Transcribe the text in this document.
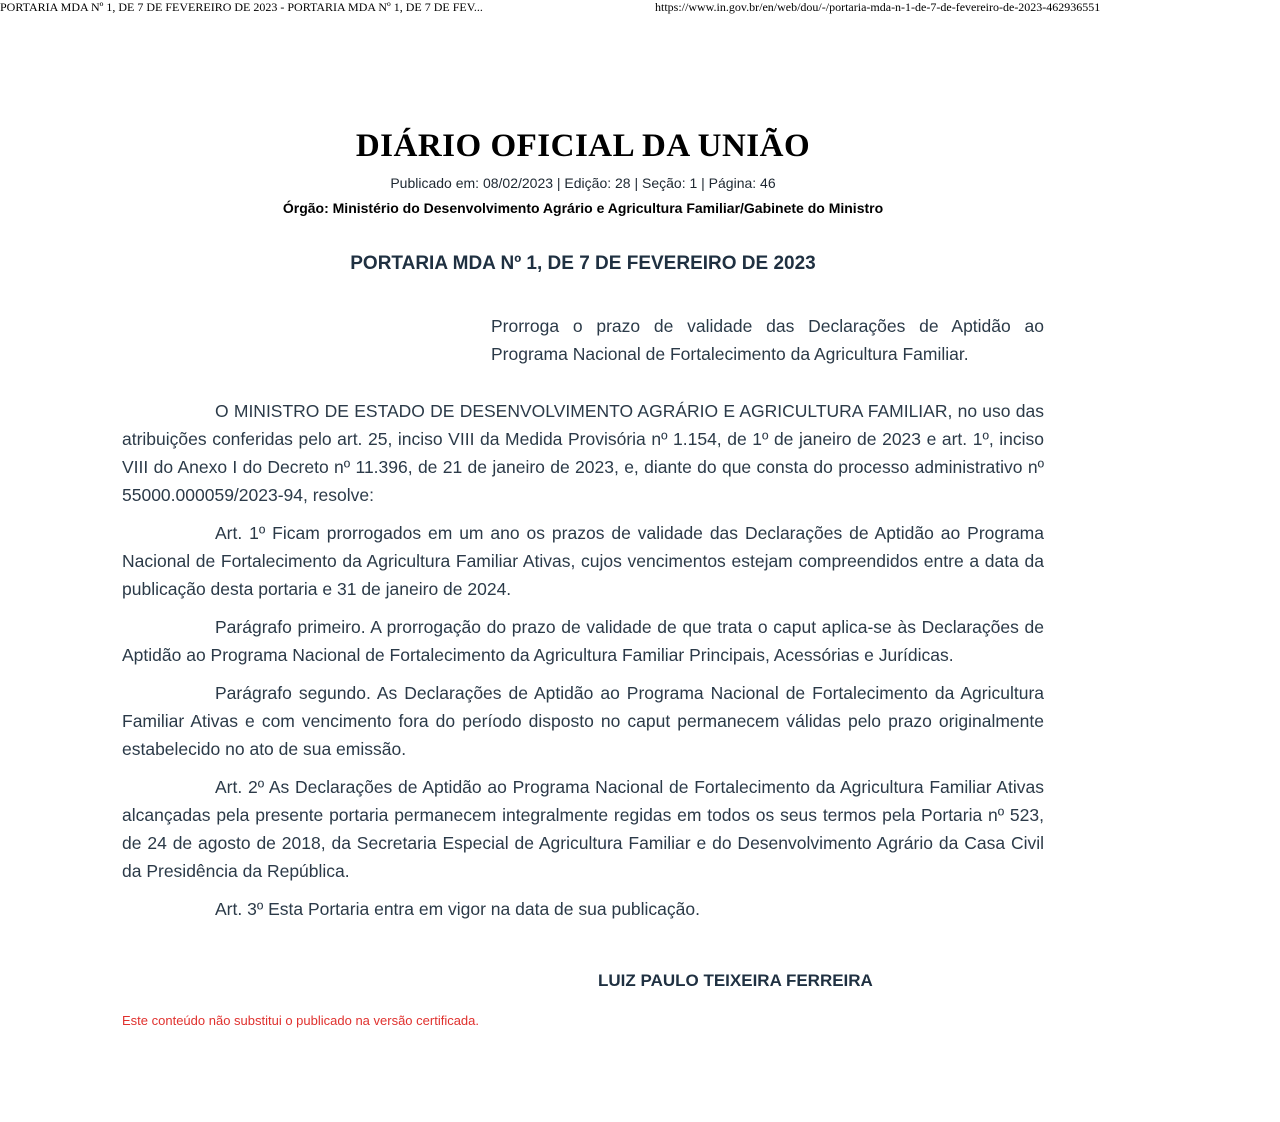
PORTARIA MDA Nº 1, DE 7 DE FEVEREIRO DE 2023 - PORTARIA MDA Nº 1, DE 7 DE FEV...	https://www.in.gov.br/en/web/dou/-/portaria-mda-n-1-de-7-de-fevereiro-de-2023-462936551
DIÁRIO OFICIAL DA UNIÃO
Publicado em: 08/02/2023 | Edição: 28 | Seção: 1 | Página: 46
Órgão: Ministério do Desenvolvimento Agrário e Agricultura Familiar/Gabinete do Ministro
PORTARIA MDA Nº 1, DE 7 DE FEVEREIRO DE 2023
Prorroga o prazo de validade das Declarações de Aptidão ao Programa Nacional de Fortalecimento da Agricultura Familiar.

O MINISTRO DE ESTADO DE DESENVOLVIMENTO AGRÁRIO E AGRICULTURA FAMILIAR, no uso das atribuições conferidas pelo art. 25, inciso VIII da Medida Provisória nº 1.154, de 1º de janeiro de 2023 e art. 1º, inciso VIII do Anexo I do Decreto nº 11.396, de 21 de janeiro de 2023, e, diante do que consta do processo administrativo nº 55000.000059/2023-94, resolve:

Art. 1º Ficam prorrogados em um ano os prazos de validade das Declarações de Aptidão ao Programa Nacional de Fortalecimento da Agricultura Familiar Ativas, cujos vencimentos estejam compreendidos entre a data da publicação desta portaria e 31 de janeiro de 2024.

Parágrafo primeiro. A prorrogação do prazo de validade de que trata o caput aplica-se às Declarações de Aptidão ao Programa Nacional de Fortalecimento da Agricultura Familiar Principais, Acessórias e Jurídicas.

Parágrafo segundo. As Declarações de Aptidão ao Programa Nacional de Fortalecimento da Agricultura Familiar Ativas e com vencimento fora do período disposto no caput permanecem válidas pelo prazo originalmente estabelecido no ato de sua emissão.

Art. 2º As Declarações de Aptidão ao Programa Nacional de Fortalecimento da Agricultura Familiar Ativas alcançadas pela presente portaria permanecem integralmente regidas em todos os seus termos pela Portaria nº 523, de 24 de agosto de 2018, da Secretaria Especial de Agricultura Familiar e do Desenvolvimento Agrário da Casa Civil da Presidência da República.

Art. 3º Esta Portaria entra em vigor na data de sua publicação.

LUIZ PAULO TEIXEIRA FERREIRA
Este conteúdo não substitui o publicado na versão certificada.
